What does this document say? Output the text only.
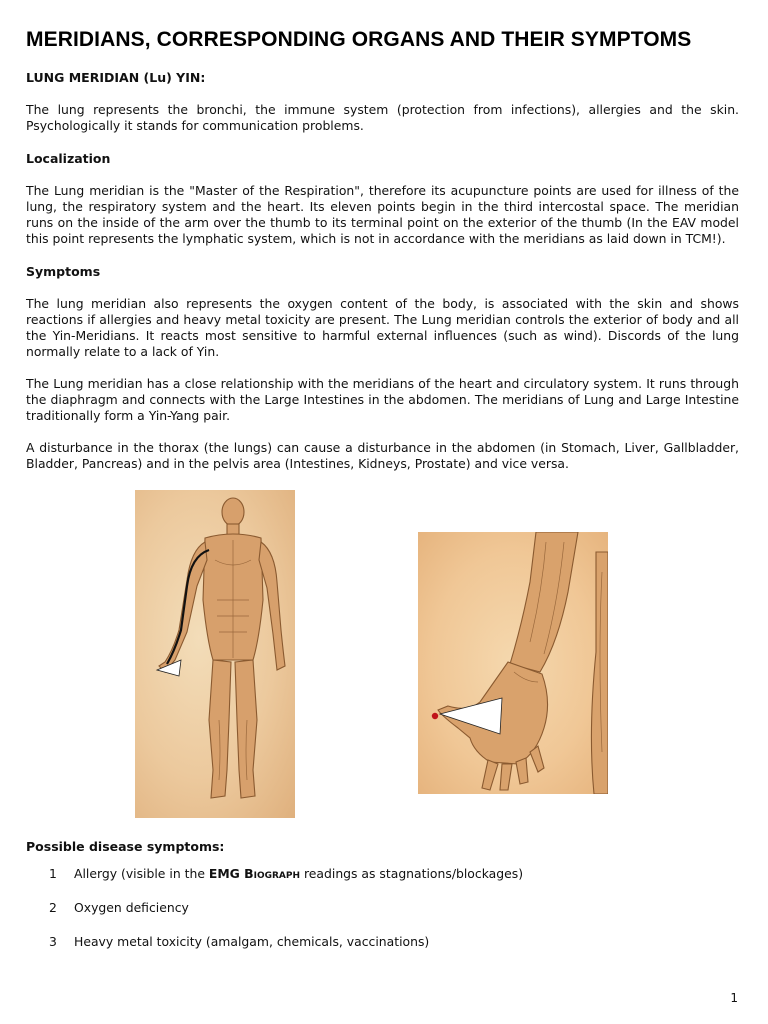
MERIDIANS, CORRESPONDING ORGANS AND THEIR SYMPTOMS
LUNG MERIDIAN (Lu) YIN:

The lung represents the bronchi, the immune system (protection from infections), allergies and the skin. Psychologically it stands for communication problems.

Localization

The Lung meridian is the "Master of the Respiration", therefore its acupuncture points are used for illness of the lung, the respiratory system and the heart. Its eleven points begin in the third intercostal space. The meridian runs on the inside of the arm over the thumb to its terminal point on the exterior of the thumb (In the EAV model this point represents the lymphatic system, which is not in accordance with the meridians as laid down in TCM!).

Symptoms

The lung meridian also represents the oxygen content of the body, is associated with the skin and shows reactions if allergies and heavy metal toxicity are present. The Lung meridian controls the exterior of body and all the Yin-Meridians. It reacts most sensitive to harmful external influences (such as wind). Discords of the lung normally relate to a lack of Yin.

The Lung meridian has a close relationship with the meridians of the heart and circulatory system. It runs through the diaphragm and connects with the Large Intestines in the abdomen. The meridians of Lung and Large Intestine traditionally form a Yin-Yang pair.

A disturbance in the thorax (the lungs) can cause a disturbance in the abdomen (in Stomach, Liver, Gallbladder, Bladder, Pancreas) and in the pelvis area (Intestines, Kidneys, Prostate) and vice versa.

Possible disease symptoms:
1	Allergy (visible in the EMG Biograph readings as stagnations/blockages)
2	Oxygen deficiency
3	Heavy metal toxicity (amalgam, chemicals, vaccinations)
1
